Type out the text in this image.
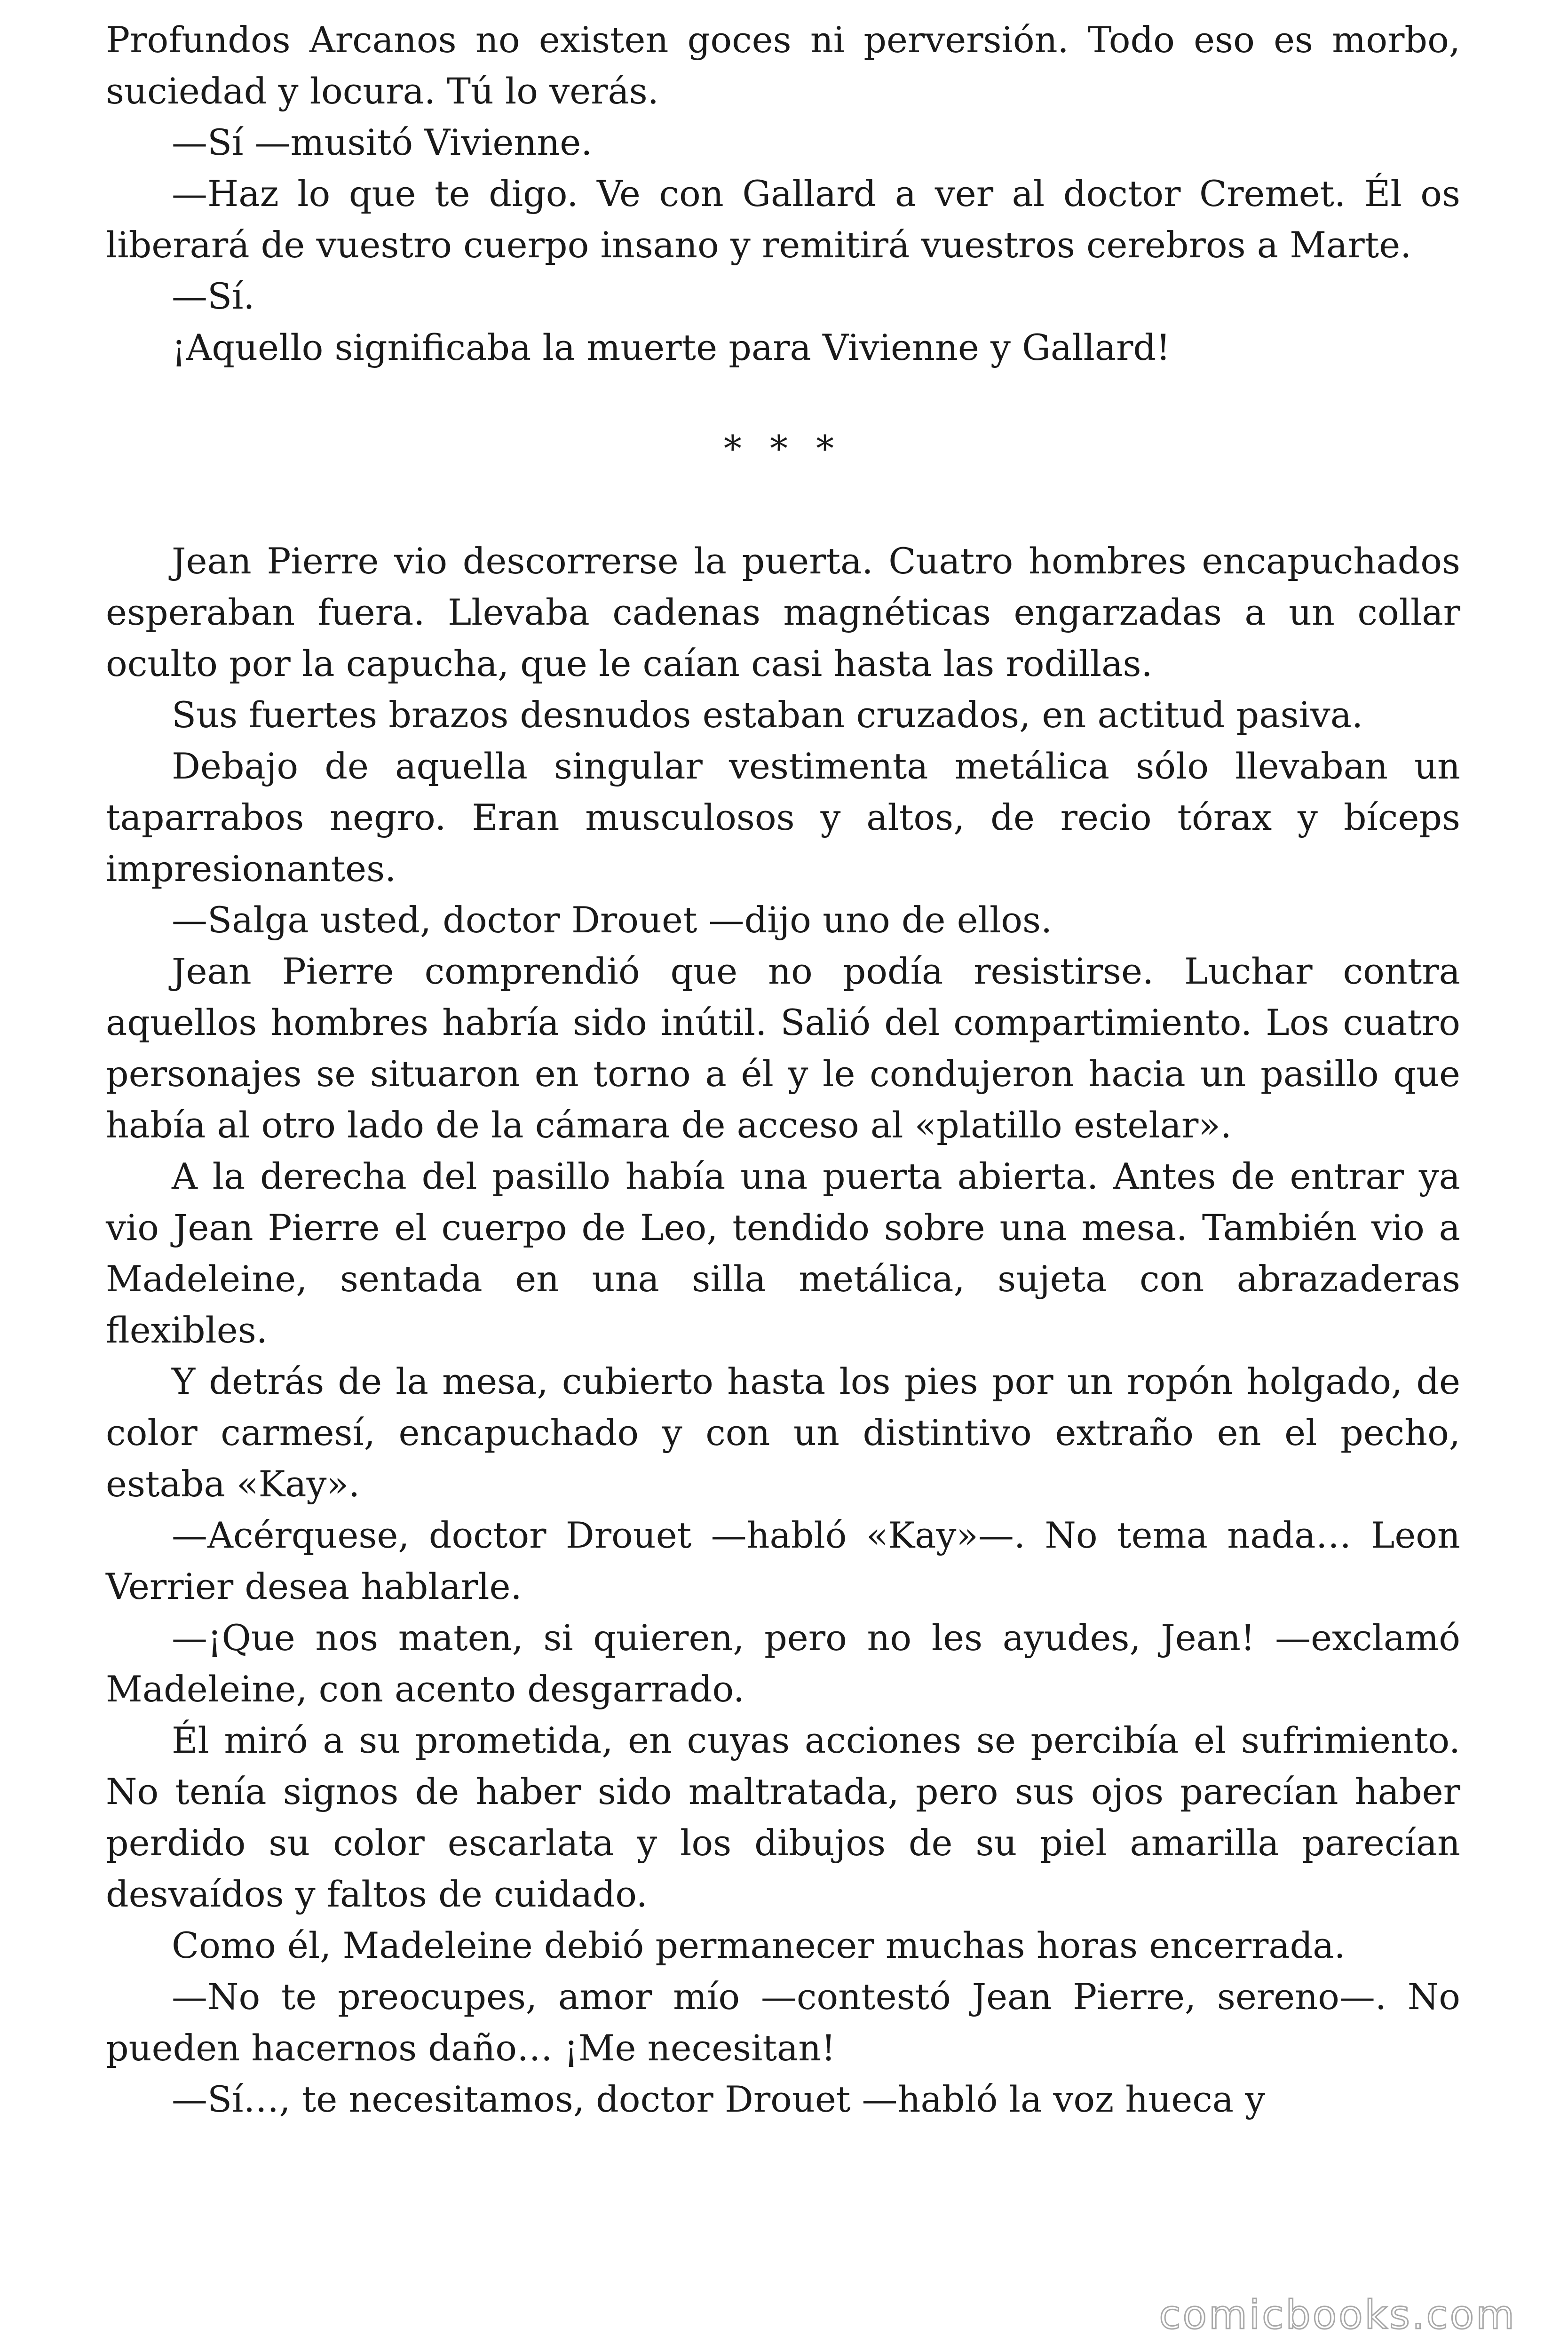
Profundos Arcanos no existen goces ni perversión. Todo eso es morbo, suciedad y locura. Tú lo verás.

—Sí —musitó Vivienne.

—Haz lo que te digo. Ve con Gallard a ver al doctor Cremet. Él os liberará de vuestro cuerpo insano y remitirá vuestros cerebros a Marte.

—Sí.

¡Aquello significaba la muerte para Vivienne y Gallard!

* * *

Jean Pierre vio descorrerse la puerta. Cuatro hombres encapuchados esperaban fuera. Llevaba cadenas magnéticas engarzadas a un collar oculto por la capucha, que le caían casi hasta las rodillas.

Sus fuertes brazos desnudos estaban cruzados, en actitud pasiva.

Debajo de aquella singular vestimenta metálica sólo llevaban un taparrabos negro. Eran musculosos y altos, de recio tórax y bíceps impresionantes.

—Salga usted, doctor Drouet —dijo uno de ellos.

Jean Pierre comprendió que no podía resistirse. Luchar contra aquellos hombres habría sido inútil. Salió del compartimiento. Los cuatro personajes se situaron en torno a él y le condujeron hacia un pasillo que había al otro lado de la cámara de acceso al «platillo estelar».

A la derecha del pasillo había una puerta abierta. Antes de entrar ya vio Jean Pierre el cuerpo de Leo, tendido sobre una mesa. También vio a Madeleine, sentada en una silla metálica, sujeta con abrazaderas flexibles.

Y detrás de la mesa, cubierto hasta los pies por un ropón holgado, de color carmesí, encapuchado y con un distintivo extraño en el pecho, estaba «Kay».

—Acérquese, doctor Drouet —habló «Kay»—. No tema nada… Leon Verrier desea hablarle.

—¡Que nos maten, si quieren, pero no les ayudes, Jean! —exclamó Madeleine, con acento desgarrado.

Él miró a su prometida, en cuyas acciones se percibía el sufrimiento. No tenía signos de haber sido maltratada, pero sus ojos parecían haber perdido su color escarlata y los dibujos de su piel amarilla parecían desvaídos y faltos de cuidado.

Como él, Madeleine debió permanecer muchas horas encerrada.

—No te preocupes, amor mío —contestó Jean Pierre, sereno—. No pueden hacernos daño… ¡Me necesitan!

—Sí…, te necesitamos, doctor Drouet —habló la voz hueca y

comicbooks.com
